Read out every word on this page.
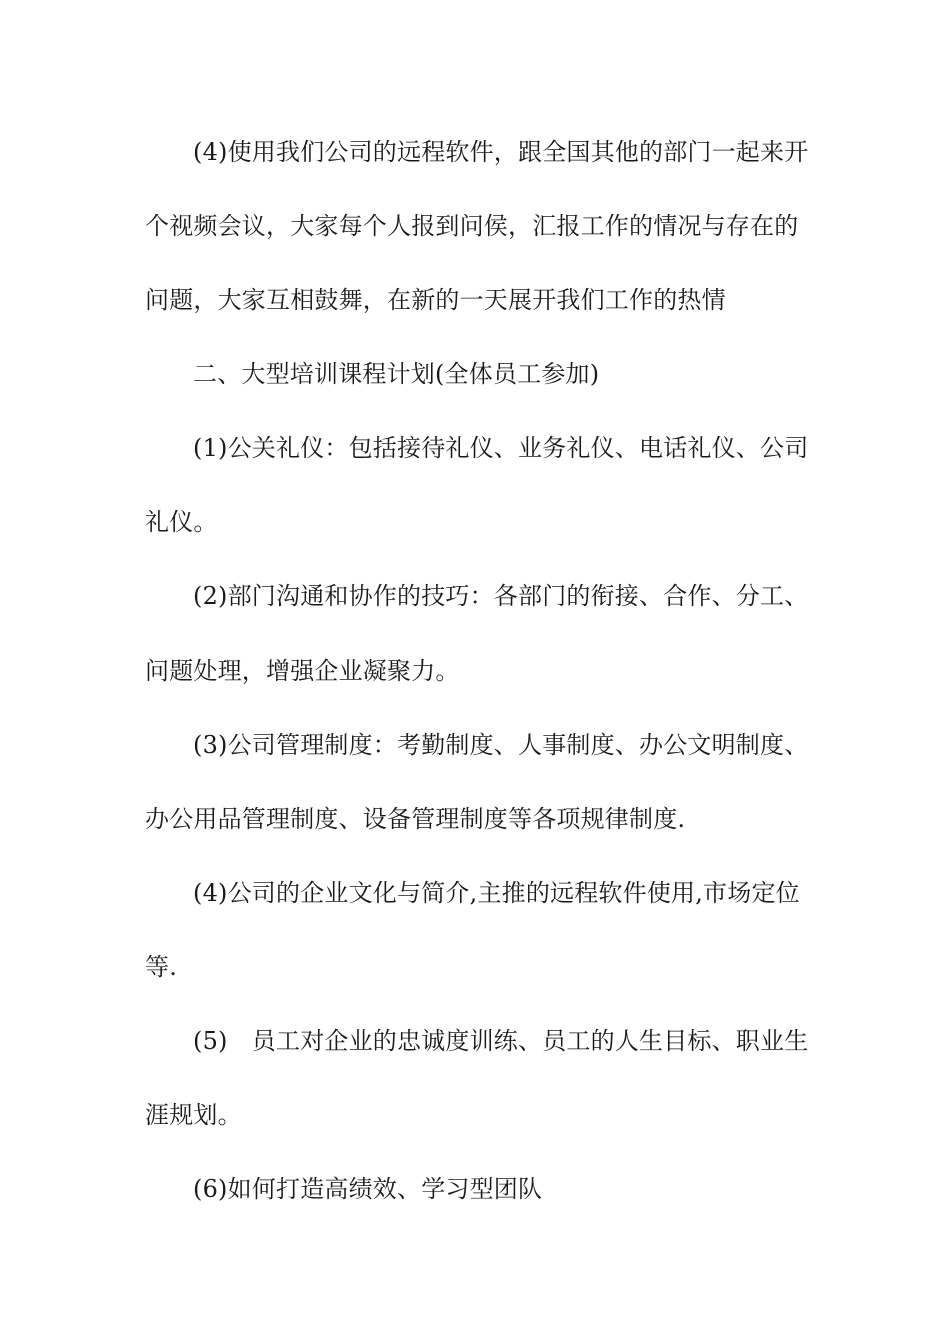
(4)使用我们公司的远程软件，跟全国其他的部门一起来开
个视频会议，大家每个人报到问侯，汇报工作的情况与存在的
问题，大家互相鼓舞，在新的一天展开我们工作的热情
二、大型培训课程计划(全体员工参加)
(1)公关礼仪：包括接待礼仪、业务礼仪、电话礼仪、公司
礼仪。
(2)部门沟通和协作的技巧：各部门的衔接、合作、分工、
问题处理，增强企业凝聚力。
(3)公司管理制度：考勤制度、人事制度、办公文明制度、
办公用品管理制度、设备管理制度等各项规律制度.
(4)公司的企业文化与简介,主推的远程软件使用,市场定位
等.
(5)　员工对企业的忠诚度训练、员工的人生目标、职业生
涯规划。
(6)如何打造高绩效、学习型团队
